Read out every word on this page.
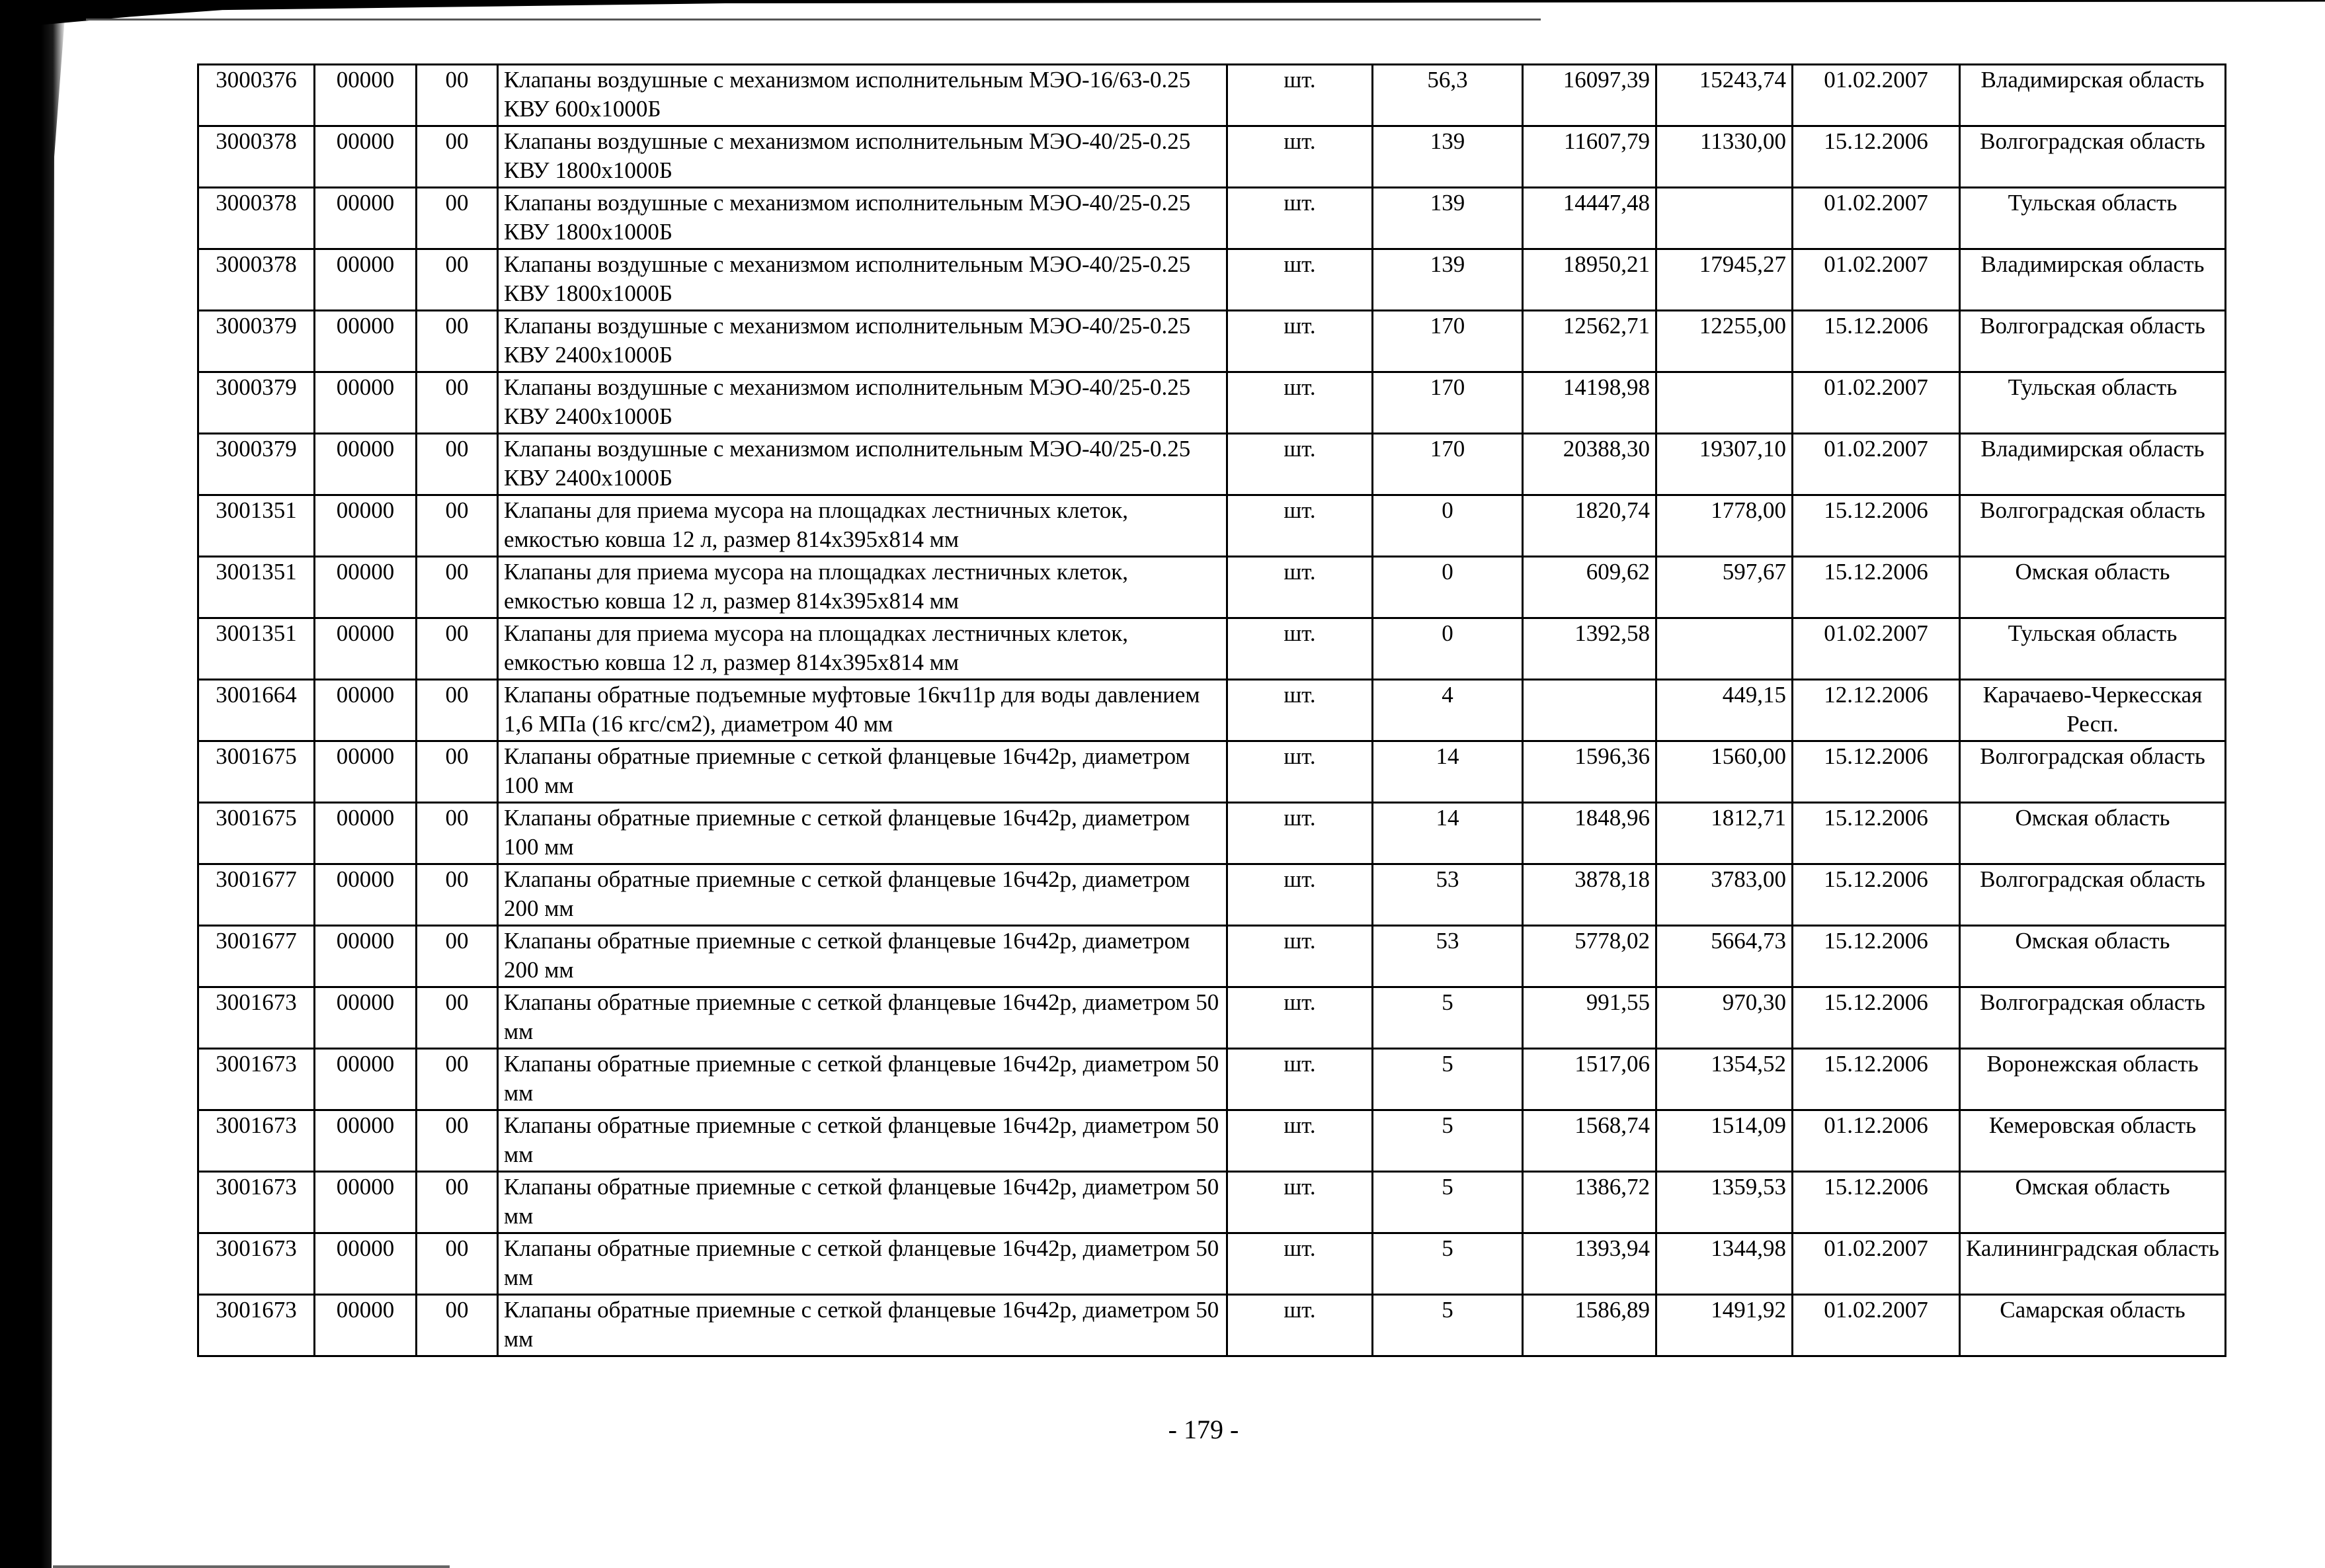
3000376	00000	00	Клапаны воздушные с механизмом исполнительным МЭО-16/63-0.25 КВУ 600х1000Б	шт.	56,3	16097,39	15243,74	01.02.2007	Владимирская область
3000378	00000	00	Клапаны воздушные с механизмом исполнительным МЭО-40/25-0.25 КВУ 1800х1000Б	шт.	139	11607,79	11330,00	15.12.2006	Волгоградская область
3000378	00000	00	Клапаны воздушные с механизмом исполнительным МЭО-40/25-0.25 КВУ 1800х1000Б	шт.	139	14447,48		01.02.2007	Тульская область
3000378	00000	00	Клапаны воздушные с механизмом исполнительным МЭО-40/25-0.25 КВУ 1800х1000Б	шт.	139	18950,21	17945,27	01.02.2007	Владимирская область
3000379	00000	00	Клапаны воздушные с механизмом исполнительным МЭО-40/25-0.25 КВУ 2400х1000Б	шт.	170	12562,71	12255,00	15.12.2006	Волгоградская область
3000379	00000	00	Клапаны воздушные с механизмом исполнительным МЭО-40/25-0.25 КВУ 2400х1000Б	шт.	170	14198,98		01.02.2007	Тульская область
3000379	00000	00	Клапаны воздушные с механизмом исполнительным МЭО-40/25-0.25 КВУ 2400х1000Б	шт.	170	20388,30	19307,10	01.02.2007	Владимирская область
3001351	00000	00	Клапаны для приема мусора на площадках лестничных клеток, емкостью ковша 12 л, размер 814х395х814 мм	шт.	0	1820,74	1778,00	15.12.2006	Волгоградская область
3001351	00000	00	Клапаны для приема мусора на площадках лестничных клеток, емкостью ковша 12 л, размер 814х395х814 мм	шт.	0	609,62	597,67	15.12.2006	Омская область
3001351	00000	00	Клапаны для приема мусора на площадках лестничных клеток, емкостью ковша 12 л, размер 814х395х814 мм	шт.	0	1392,58		01.02.2007	Тульская область
3001664	00000	00	Клапаны обратные подъемные муфтовые 16кч11р для воды давлением 1,6 МПа (16 кгс/см2), диаметром 40 мм	шт.	4		449,15	12.12.2006	Карачаево-Черкесская Респ.
3001675	00000	00	Клапаны обратные приемные с сеткой фланцевые 16ч42р, диаметром 100 мм	шт.	14	1596,36	1560,00	15.12.2006	Волгоградская область
3001675	00000	00	Клапаны обратные приемные с сеткой фланцевые 16ч42р, диаметром 100 мм	шт.	14	1848,96	1812,71	15.12.2006	Омская область
3001677	00000	00	Клапаны обратные приемные с сеткой фланцевые 16ч42р, диаметром 200 мм	шт.	53	3878,18	3783,00	15.12.2006	Волгоградская область
3001677	00000	00	Клапаны обратные приемные с сеткой фланцевые 16ч42р, диаметром 200 мм	шт.	53	5778,02	5664,73	15.12.2006	Омская область
3001673	00000	00	Клапаны обратные приемные с сеткой фланцевые 16ч42р, диаметром 50 мм	шт.	5	991,55	970,30	15.12.2006	Волгоградская область
3001673	00000	00	Клапаны обратные приемные с сеткой фланцевые 16ч42р, диаметром 50 мм	шт.	5	1517,06	1354,52	15.12.2006	Воронежская область
3001673	00000	00	Клапаны обратные приемные с сеткой фланцевые 16ч42р, диаметром 50 мм	шт.	5	1568,74	1514,09	01.12.2006	Кемеровская область
3001673	00000	00	Клапаны обратные приемные с сеткой фланцевые 16ч42р, диаметром 50 мм	шт.	5	1386,72	1359,53	15.12.2006	Омская область
3001673	00000	00	Клапаны обратные приемные с сеткой фланцевые 16ч42р, диаметром 50 мм	шт.	5	1393,94	1344,98	01.02.2007	Калининградская область
3001673	00000	00	Клапаны обратные приемные с сеткой фланцевые 16ч42р, диаметром 50 мм	шт.	5	1586,89	1491,92	01.02.2007	Самарская область
- 179 -
